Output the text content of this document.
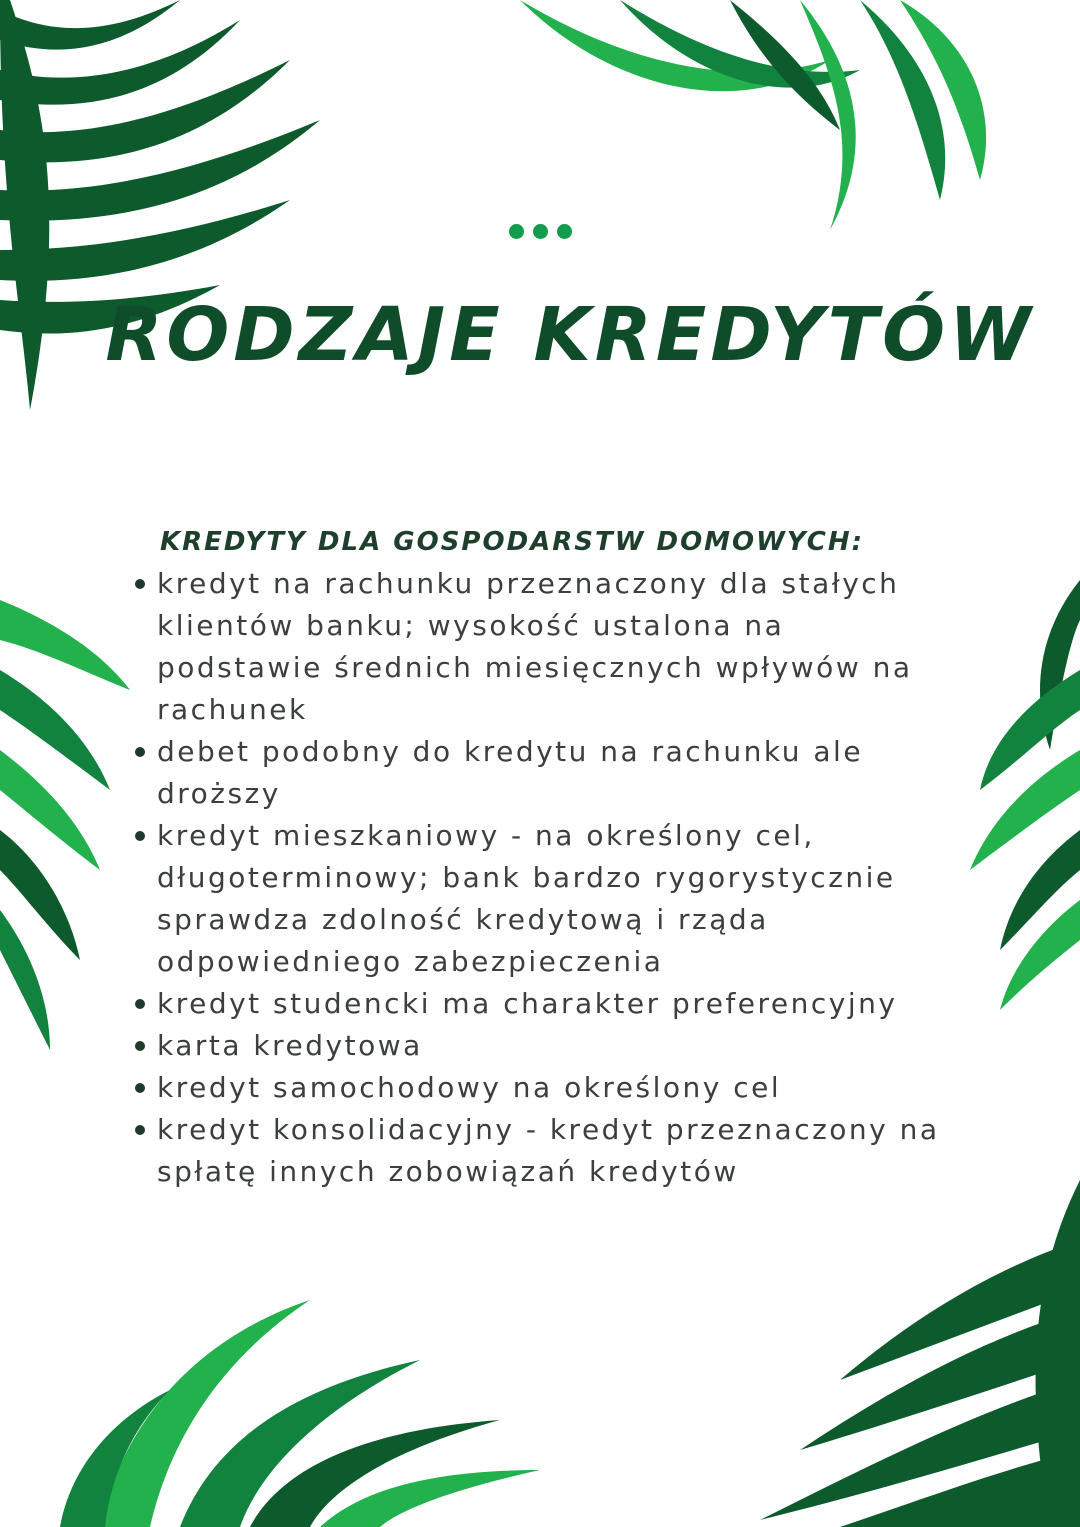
RODZAJE KREDYTÓW
KREDYTY DLA GOSPODARSTW DOMOWYCH:
kredyt na rachunku przeznaczony dla stałych
klientów banku; wysokość ustalona na
podstawie średnich miesięcznych wpływów na
rachunek
debet podobny do kredytu na rachunku ale
droższy
kredyt mieszkaniowy - na określony cel,
długoterminowy; bank bardzo rygorystycznie
sprawdza zdolność kredytową i rząda
odpowiedniego zabezpieczenia
kredyt studencki ma charakter preferencyjny
karta kredytowa
kredyt samochodowy na określony cel
kredyt konsolidacyjny - kredyt przeznaczony na
spłatę innych zobowiązań kredytów
